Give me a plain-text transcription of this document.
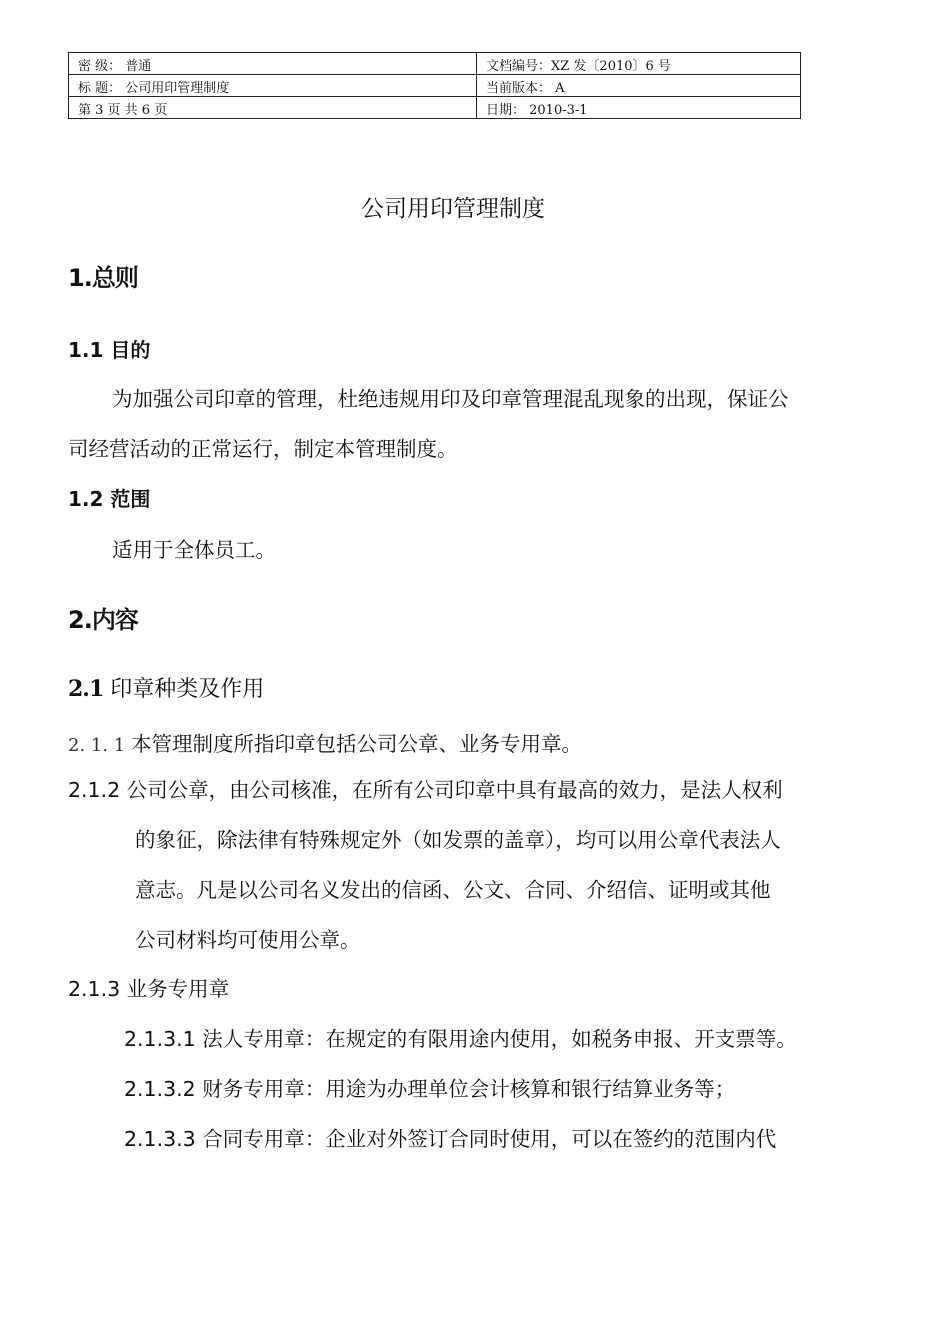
密 级： 普通	文档编号：XZ 发〔2010〕6 号
标 题： 公司用印管理制度	当前版本： A
第 3 页 共 6 页	日期： 2010-3-1
公司用印管理制度
1.总则
1.1 目的
为加强公司印章的管理，杜绝违规用印及印章管理混乱现象的出现，保证公
司经营活动的正常运行，制定本管理制度。
1.2 范围
适用于全体员工。
2.内容
2.1 印章种类及作用
2. 1. 1 本管理制度所指印章包括公司公章、业务专用章。
2.1.2 公司公章，由公司核准，在所有公司印章中具有最高的效力，是法人权利
的象征，除法律有特殊规定外（如发票的盖章），均可以用公章代表法人
意志。凡是以公司名义发出的信函、公文、合同、介绍信、证明或其他
公司材料均可使用公章。
2.1.3 业务专用章
2.1.3.1 法人专用章：在规定的有限用途内使用，如税务申报、开支票等。
2.1.3.2 财务专用章：用途为办理单位会计核算和银行结算业务等；
2.1.3.3 合同专用章：企业对外签订合同时使用，可以在签约的范围内代
